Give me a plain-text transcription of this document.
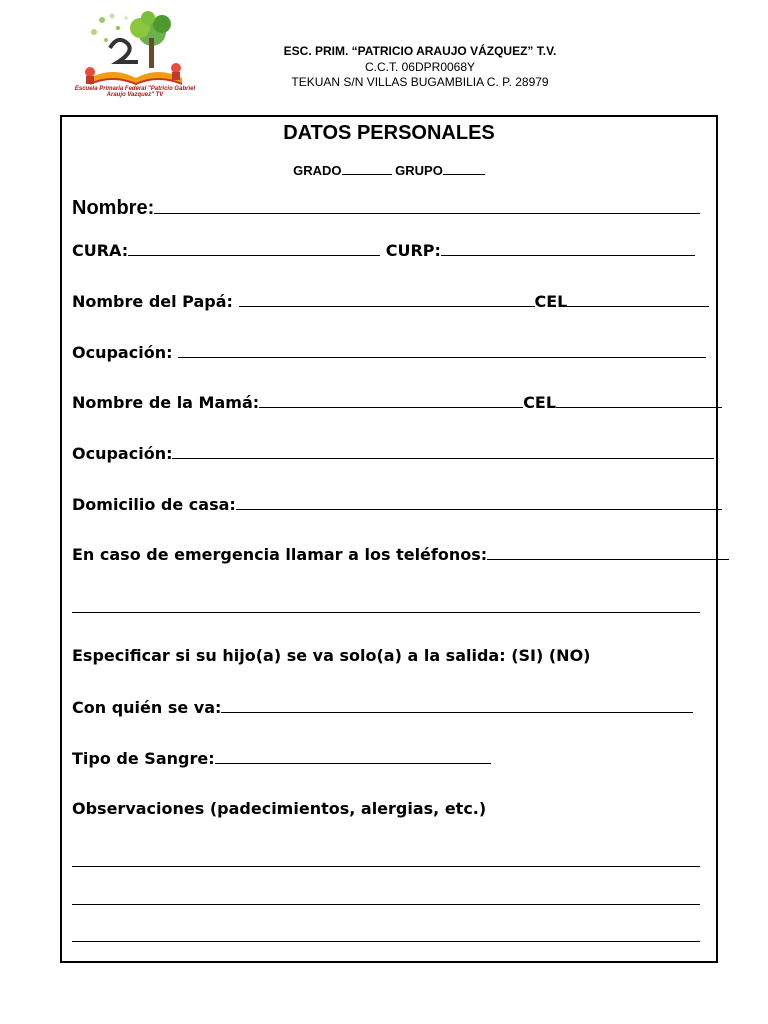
Escuela Primaria Federal "Patricio Gabriel Araujo Vazquez" TV
ESC. PRIM. “PATRICIO ARAUJO VÁZQUEZ” T.V.
C.C.T. 06DPR0068Y
TEKUAN S/N VILLAS BUGAMBILIA C. P. 28979
DATOS PERSONALES
GRADO	GRUPO
Nombre:
CURA:	CURP:
Nombre del Papá:	CEL
Ocupación:
Nombre de la Mamá:	CEL
Ocupación:
Domicilio de casa:
En caso de emergencia llamar a los teléfonos:
Especificar si su hijo(a) se va solo(a) a la salida: (SI) (NO)
Con quién se va:
Tipo de Sangre:
Observaciones (padecimientos, alergias, etc.)
